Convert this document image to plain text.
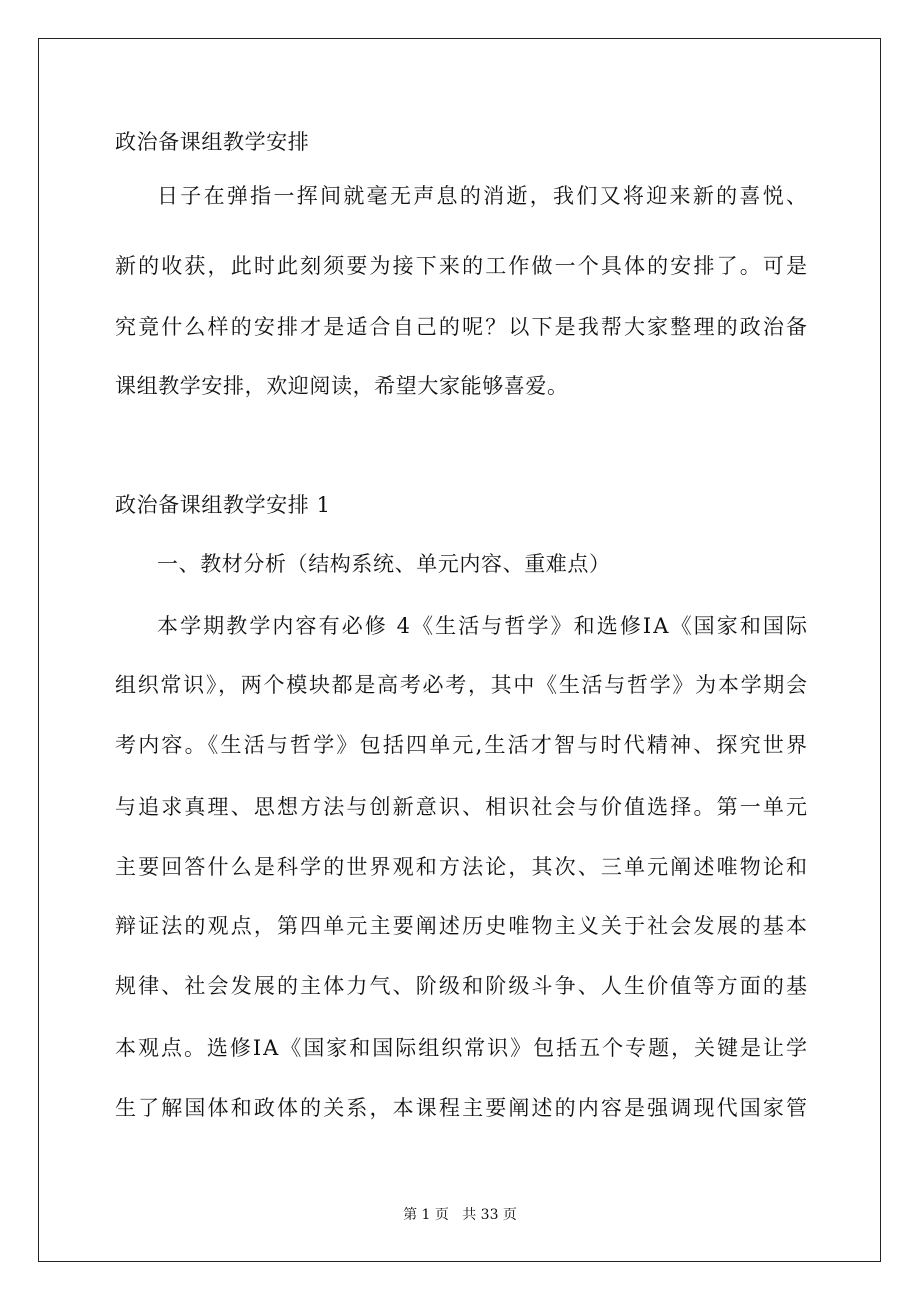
政治备课组教学安排
日子在弹指一挥间就毫无声息的消逝，我们又将迎来新的喜悦、
新的收获，此时此刻须要为接下来的工作做一个具体的安排了。可是
究竟什么样的安排才是适合自己的呢？以下是我帮大家整理的政治备
课组教学安排，欢迎阅读，希望大家能够喜爱。
政治备课组教学安排 1
一、教材分析（结构系统、单元内容、重难点）
本学期教学内容有必修 4《生活与哲学》和选修ⅠA《国家和国际
组织常识》，两个模块都是高考必考，其中《生活与哲学》为本学期会
考内容。《生活与哲学》包括四单元,生活才智与时代精神、探究世界
与追求真理、思想方法与创新意识、相识社会与价值选择。第一单元
主要回答什么是科学的世界观和方法论，其次、三单元阐述唯物论和
辩证法的观点，第四单元主要阐述历史唯物主义关于社会发展的基本
规律、社会发展的主体力气、阶级和阶级斗争、人生价值等方面的基
本观点。选修ⅠA《国家和国际组织常识》包括五个专题，关键是让学
生了解国体和政体的关系，本课程主要阐述的内容是强调现代国家管
第 1 页   共 33 页
